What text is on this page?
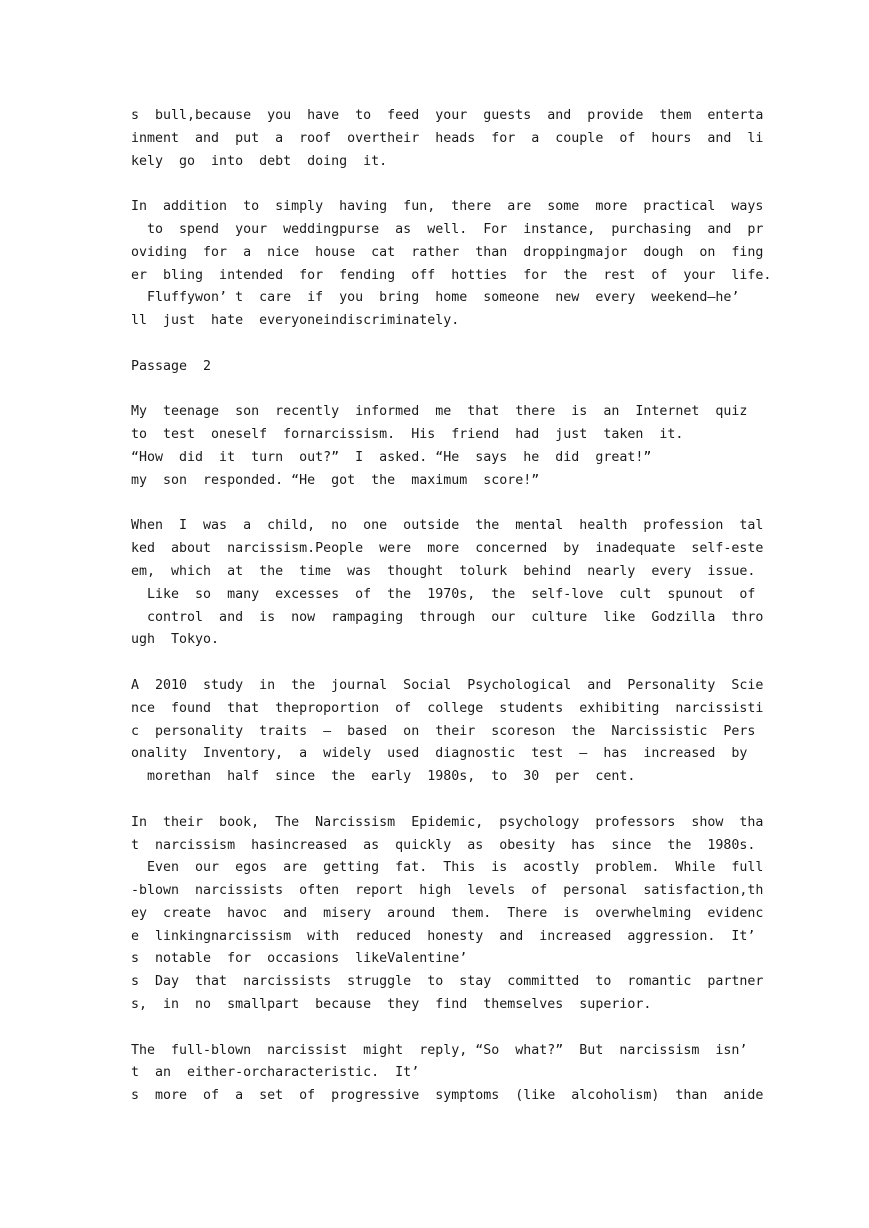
s  bull,because  you  have  to  feed  your  guests  and  provide  them  enterta
inment  and  put  a  roof  overtheir  heads  for  a  couple  of  hours  and  li
kely  go  into  debt  doing  it.
In  addition  to  simply  having  fun,  there  are  some  more  practical  ways
to  spend  your  weddingpurse  as  well.  For  instance,  purchasing  and  pr
oviding  for  a  nice  house  cat  rather  than  droppingmajor  dough  on  fing
er  bling  intended  for  fending  off  hotties  for  the  rest  of  your  life.
Fluffywon’ t  care  if  you  bring  home  someone  new  every  weekend—he’
ll  just  hate  everyoneindiscriminately.
Passage  2
My  teenage  son  recently  informed  me  that  there  is  an  Internet  quiz
to  test  oneself  fornarcissism.  His  friend  had  just  taken  it.
“How  did  it  turn  out?”  I  asked. “He  says  he  did  great!”
my  son  responded. “He  got  the  maximum  score!”
When  I  was  a  child,  no  one  outside  the  mental  health  profession  tal
ked  about  narcissism.People  were  more  concerned  by  inadequate  self-este
em,  which  at  the  time  was  thought  tolurk  behind  nearly  every  issue.
Like  so  many  excesses  of  the  1970s,  the  self-love  cult  spunout  of
control  and  is  now  rampaging  through  our  culture  like  Godzilla  thro
ugh  Tokyo.
A  2010  study  in  the  journal  Social  Psychological  and  Personality  Scie
nce  found  that  theproportion  of  college  students  exhibiting  narcissisti
c  personality  traits  –  based  on  their  scoreson  the  Narcissistic  Pers
onality  Inventory,  a  widely  used  diagnostic  test  –  has  increased  by
morethan  half  since  the  early  1980s,  to  30  per  cent.
In  their  book,  The  Narcissism  Epidemic,  psychology  professors  show  tha
t  narcissism  hasincreased  as  quickly  as  obesity  has  since  the  1980s.
Even  our  egos  are  getting  fat.  This  is  acostly  problem.  While  full
-blown  narcissists  often  report  high  levels  of  personal  satisfaction,th
ey  create  havoc  and  misery  around  them.  There  is  overwhelming  evidenc
e  linkingnarcissism  with  reduced  honesty  and  increased  aggression.  It’
s  notable  for  occasions  likeValentine’
s  Day  that  narcissists  struggle  to  stay  committed  to  romantic  partner
s,  in  no  smallpart  because  they  find  themselves  superior.
The  full-blown  narcissist  might  reply, “So  what?”  But  narcissism  isn’
t  an  either-orcharacteristic.  It’
s  more  of  a  set  of  progressive  symptoms  (like  alcoholism)  than  anide
